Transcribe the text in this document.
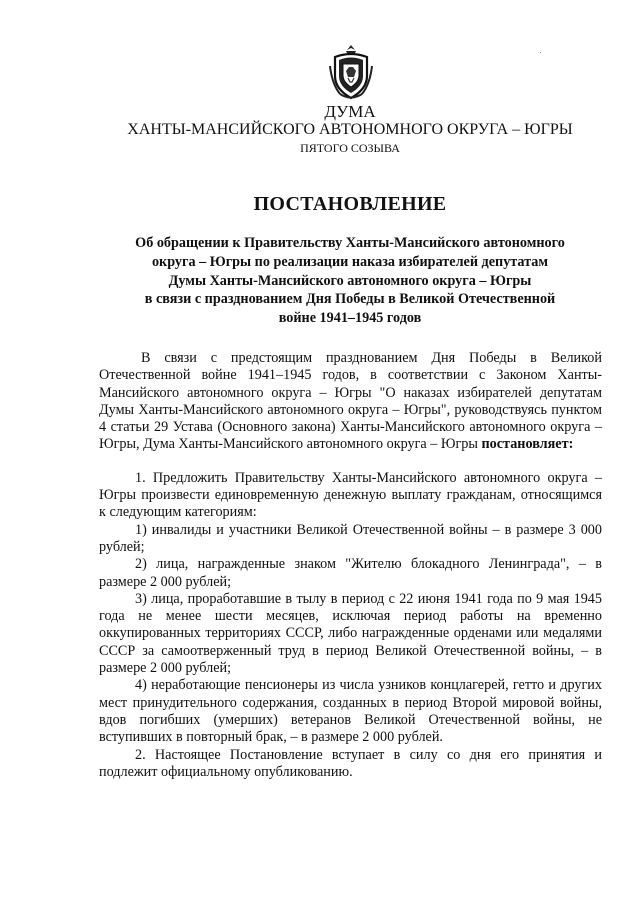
ДУМА
ХАНТЫ-МАНСИЙСКОГО АВТОНОМНОГО ОКРУГА – ЮГРЫ
ПЯТОГО СОЗЫВА
ПОСТАНОВЛЕНИЕ
Об обращении к Правительству Ханты-Мансийского автономного
округа – Югры по реализации наказа избирателей депутатам
Думы Ханты-Мансийского автономного округа – Югры
в связи с празднованием Дня Победы в Великой Отечественной
войне 1941–1945 годов

В связи с предстоящим празднованием Дня Победы в Великой Отечественной войне 1941–1945 годов, в соответствии с Законом Ханты-Мансийского автономного округа – Югры "О наказах избирателей депутатам Думы Ханты-Мансийского автономного округа – Югры", руководствуясь пунктом 4 статьи 29 Устава (Основного закона) Ханты-Мансийского автономного округа – Югры, Дума Ханты-Мансийского автономного округа – Югры постановляет:

1. Предложить Правительству Ханты-Мансийского автономного округа – Югры произвести единовременную денежную выплату гражданам, относящимся к следующим категориям:

1) инвалиды и участники Великой Отечественной войны – в размере 3 000 рублей;

2) лица, награжденные знаком "Жителю блокадного Ленинграда", – в размере 2 000 рублей;

3) лица, проработавшие в тылу в период с 22 июня 1941 года по 9 мая 1945 года не менее шести месяцев, исключая период работы на временно оккупированных территориях СССР, либо награжденные орденами или медалями СССР за самоотверженный труд в период Великой Отечественной войны, – в размере 2 000 рублей;

4) неработающие пенсионеры из числа узников концлагерей, гетто и других мест принудительного содержания, созданных в период Второй мировой войны, вдов погибших (умерших) ветеранов Великой Отечественной войны, не вступивших в повторный брак, – в размере 2 000 рублей.

2. Настоящее Постановление вступает в силу со дня его принятия и подлежит официальному опубликованию.
